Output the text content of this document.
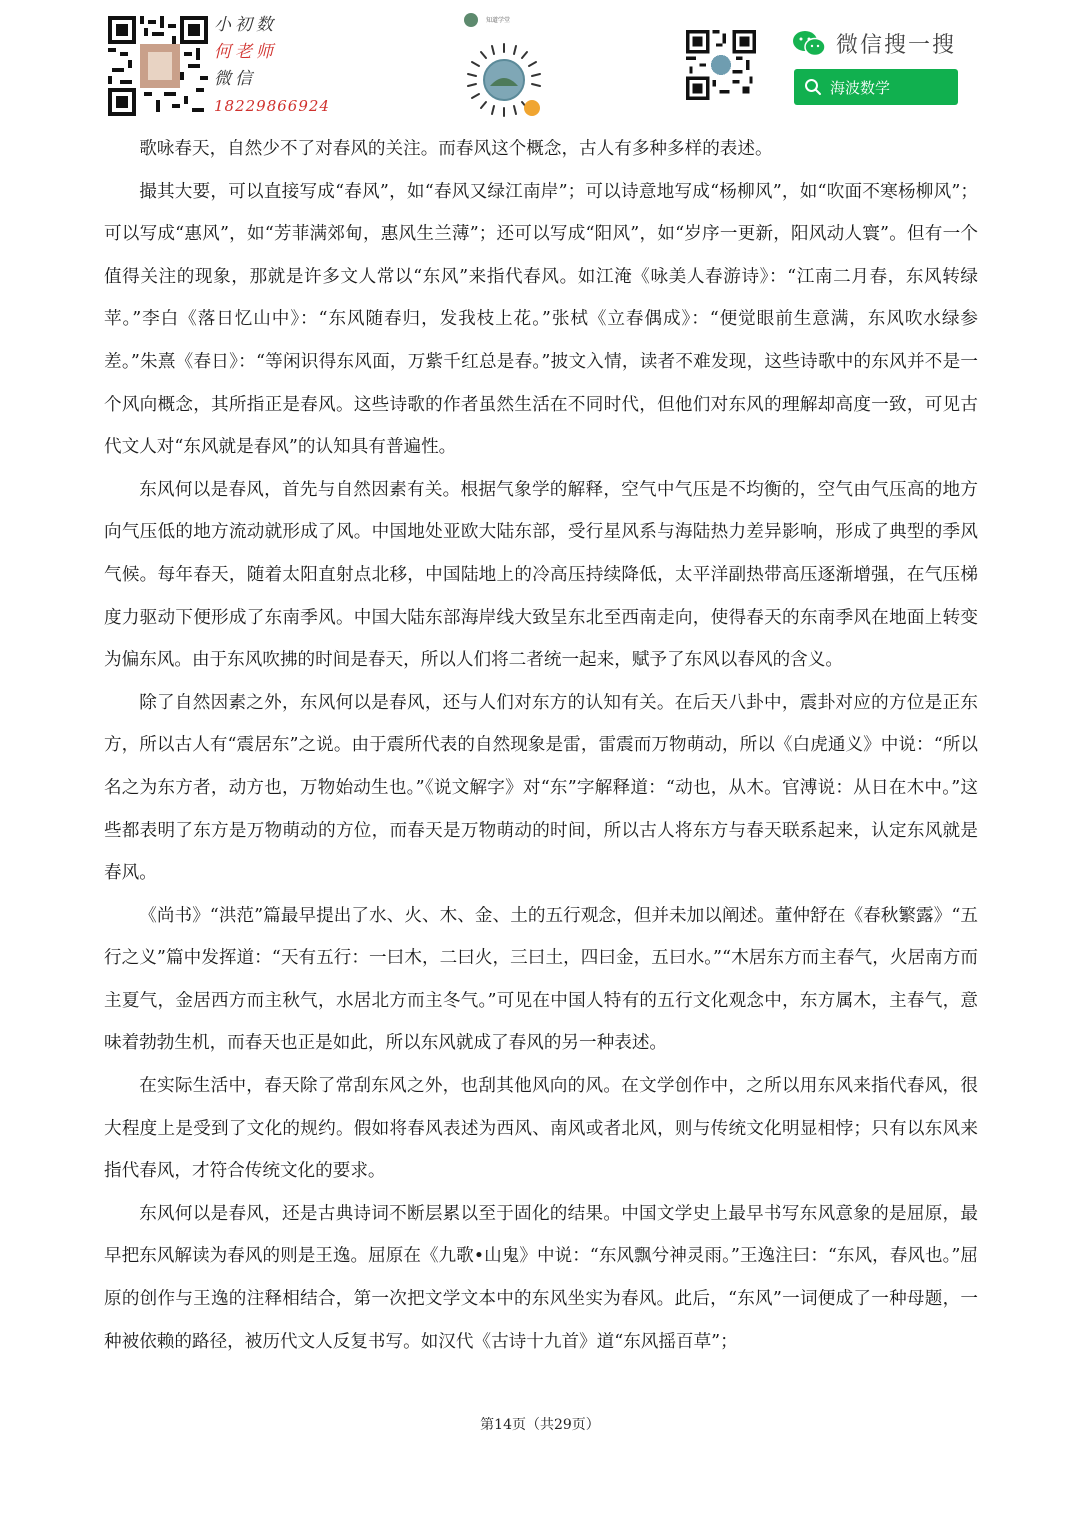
小初数
何老师
微信
18229866924
知道学堂
微信搜一搜
海波数学

歌咏春天，自然少不了对春风的关注。而春风这个概念，古人有多种多样的表述。

撮其大要，可以直接写成“春风”，如“春风又绿江南岸”；可以诗意地写成“杨柳风”，如“吹面不寒杨柳风”；可以写成“惠风”，如“芳菲满郊甸，惠风生兰薄”；还可以写成“阳风”，如“岁序一更新，阳风动人寰”。但有一个值得关注的现象，那就是许多文人常以“东风”来指代春风。如江淹《咏美人春游诗》：“江南二月春，东风转绿苹。”李白《落日忆山中》：“东风随春归，发我枝上花。”张栻《立春偶成》：“便觉眼前生意满，东风吹水绿参差。”朱熹《春日》：“等闲识得东风面，万紫千红总是春。”披文入情，读者不难发现，这些诗歌中的东风并不是一个风向概念，其所指正是春风。这些诗歌的作者虽然生活在不同时代，但他们对东风的理解却高度一致，可见古代文人对“东风就是春风”的认知具有普遍性。

东风何以是春风，首先与自然因素有关。根据气象学的解释，空气中气压是不均衡的，空气由气压高的地方向气压低的地方流动就形成了风。中国地处亚欧大陆东部，受行星风系与海陆热力差异影响，形成了典型的季风气候。每年春天，随着太阳直射点北移，中国陆地上的冷高压持续降低，太平洋副热带高压逐渐增强，在气压梯度力驱动下便形成了东南季风。中国大陆东部海岸线大致呈东北至西南走向，使得春天的东南季风在地面上转变为偏东风。由于东风吹拂的时间是春天，所以人们将二者统一起来，赋予了东风以春风的含义。

除了自然因素之外，东风何以是春风，还与人们对东方的认知有关。在后天八卦中，震卦对应的方位是正东方，所以古人有“震居东”之说。由于震所代表的自然现象是雷，雷震而万物萌动，所以《白虎通义》中说：“所以名之为东方者，动方也，万物始动生也。”《说文解字》对“东”字解释道：“动也，从木。官溥说：从日在木中。”这些都表明了东方是万物萌动的方位，而春天是万物萌动的时间，所以古人将东方与春天联系起来，认定东风就是春风。

《尚书》“洪范”篇最早提出了水、火、木、金、土的五行观念，但并未加以阐述。董仲舒在《春秋繁露》“五行之义”篇中发挥道：“天有五行：一曰木，二曰火，三曰土，四曰金，五曰水。”“木居东方而主春气，火居南方而主夏气，金居西方而主秋气，水居北方而主冬气。”可见在中国人特有的五行文化观念中，东方属木，主春气，意味着勃勃生机，而春天也正是如此，所以东风就成了春风的另一种表述。

在实际生活中，春天除了常刮东风之外，也刮其他风向的风。在文学创作中，之所以用东风来指代春风，很大程度上是受到了文化的规约。假如将春风表述为西风、南风或者北风，则与传统文化明显相悖；只有以东风来指代春风，才符合传统文化的要求。

东风何以是春风，还是古典诗词不断层累以至于固化的结果。中国文学史上最早书写东风意象的是屈原，最早把东风解读为春风的则是王逸。屈原在《九歌•山鬼》中说：“东风飘兮神灵雨。”王逸注曰：“东风，春风也。”屈原的创作与王逸的注释相结合，第一次把文学文本中的东风坐实为春风。此后，“东风”一词便成了一种母题，一种被依赖的路径，被历代文人反复书写。如汉代《古诗十九首》道“东风摇百草”；

第14页（共29页）
